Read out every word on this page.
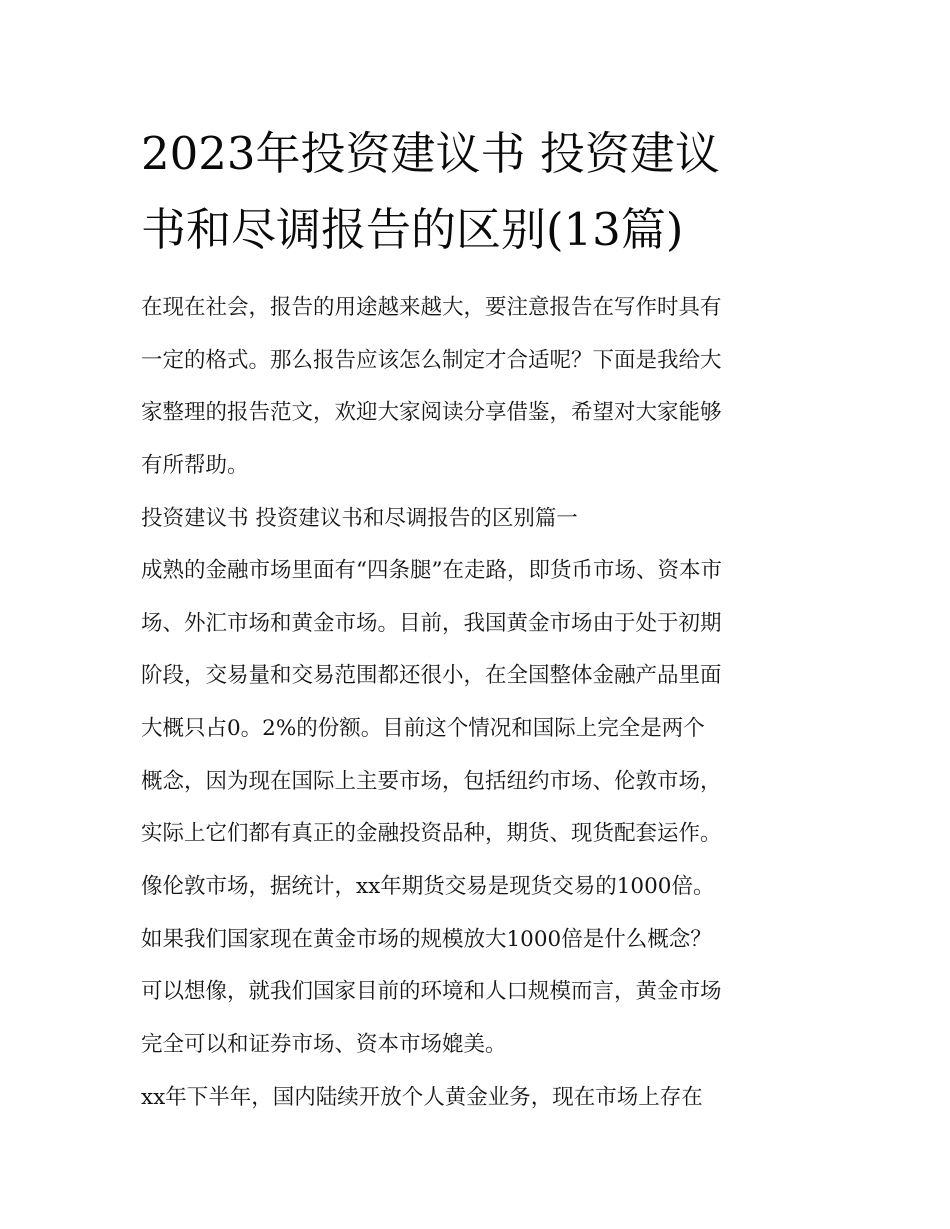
2023年投资建议书 投资建议
书和尽调报告的区别(13篇)

在现在社会，报告的用途越来越大，要注意报告在写作时具有
一定的格式。那么报告应该怎么制定才合适呢？下面是我给大
家整理的报告范文，欢迎大家阅读分享借鉴，希望对大家能够
有所帮助。

投资建议书 投资建议书和尽调报告的区别篇一

成熟的金融市场里面有“四条腿”在走路，即货币市场、资本市
场、外汇市场和黄金市场。目前，我国黄金市场由于处于初期
阶段，交易量和交易范围都还很小，在全国整体金融产品里面
大概只占0。2%的份额。目前这个情况和国际上完全是两个
概念，因为现在国际上主要市场，包括纽约市场、伦敦市场，
实际上它们都有真正的金融投资品种，期货、现货配套运作。
像伦敦市场，据统计，xx年期货交易是现货交易的1000倍。
如果我们国家现在黄金市场的规模放大1000倍是什么概念？
可以想像，就我们国家目前的环境和人口规模而言，黄金市场
完全可以和证券市场、资本市场媲美。

xx年下半年，国内陆续开放个人黄金业务，现在市场上存在
